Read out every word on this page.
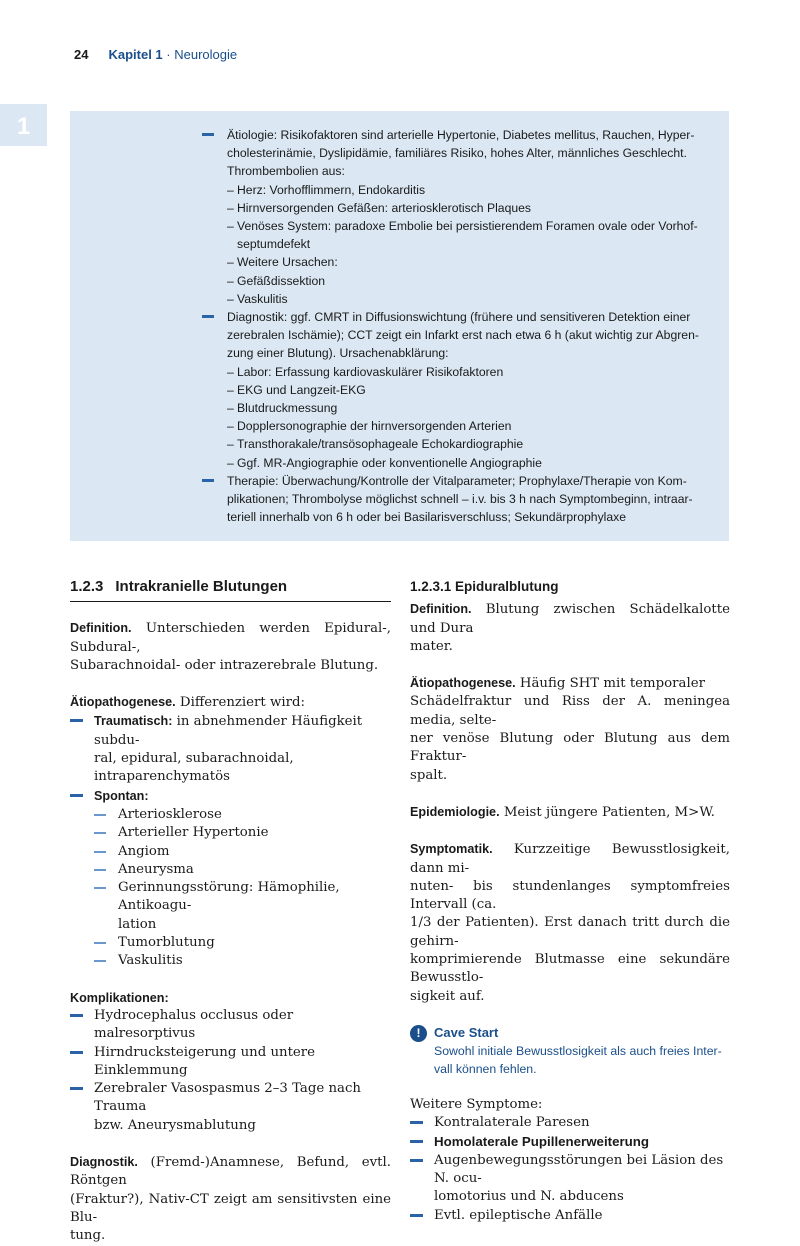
24 Kapitel 1 · Neurologie
1	Ätiologie: Risikofaktoren sind arterielle Hypertonie, Diabetes mellitus, Rauchen, Hyper-
cholesterinämie, Dyslipidämie, familiäres Risiko, hohes Alter, männliches Geschlecht.
Thrombembolien aus:
– Herz: Vorhofflimmern, Endokarditis
– Hirnversorgenden Gefäßen: arteriosklerotisch Plaques
– Venöses System: paradoxe Embolie bei persistierendem Foramen ovale oder Vorhof-
septumdefekt
– Weitere Ursachen:
– Gefäßdissektion
– Vaskulitis
Diagnostik: ggf. CMRT in Diffusionswichtung (frühere und sensitiveren Detektion einer
zerebralen Ischämie); CCT zeigt ein Infarkt erst nach etwa 6 h (akut wichtig zur Abgren-
zung einer Blutung). Ursachenabklärung:
– Labor: Erfassung kardiovaskulärer Risikofaktoren
– EKG und Langzeit-EKG
– Blutdruckmessung
– Dopplersonographie der hirnversorgenden Arterien
– Transthorakale/transösophageale Echokardiographie
– Ggf. MR-Angiographie oder konventionelle Angiographie
Therapie: Überwachung/Kontrolle der Vitalparameter; Prophylaxe/Therapie von Kom-
plikationen; Thrombolyse möglichst schnell – i.v. bis 3 h nach Symptombeginn, intraar-
teriell innerhalb von 6 h oder bei Basilarisverschluss; Sekundärprophylaxe
1.2.3 Intrakranielle Blutungen

Definition. Unterschieden werden Epidural-, Subdural-,
Subarachnoidal- oder intrazerebrale Blutung.

Ätiopathogenese. Differenziert wird:

Traumatisch: in abnehmender Häufigkeit subdu-
ral, epidural, subarachnoidal, intraparenchymatös
Spontan:
Arteriosklerose
Arterieller Hypertonie
Angiom
Aneurysma
Gerinnungsstörung: Hämophilie, Antikoagu-
lation
Tumorblutung
Vaskulitis
Komplikationen:
Hydrocephalus occlusus oder malresorptivus
Hirndrucksteigerung und untere Einklemmung
Zerebraler Vasospasmus 2–3 Tage nach Trauma
bzw. Aneurysmablutung

Diagnostik. (Fremd-)Anamnese, Befund, evtl. Röntgen
(Fraktur?), Nativ-CT zeigt am sensitivsten eine Blu-
tung.

1.2.3.1 Epiduralblutung

Definition. Blutung zwischen Schädelkalotte und Dura
mater.

Ätiopathogenese. Häufig SHT mit temporaler
Schädelfraktur und Riss der A. meningea media, selte-
ner venöse Blutung oder Blutung aus dem Fraktur-
spalt.

Epidemiologie. Meist jüngere Patienten, M>W.

Symptomatik. Kurzzeitige Bewusstlosigkeit, dann mi-
nuten- bis stundenlanges symptomfreies Intervall (ca.
1/3 der Patienten). Erst danach tritt durch die gehirn-
komprimierende Blutmasse eine sekundäre Bewusstlo-
sigkeit auf.

!	Cave Start
Sowohl initiale Bewusstlosigkeit als auch freies Inter-
vall können fehlen.
Weitere Symptome:
Kontralaterale Paresen
Homolaterale Pupillenerweiterung
Augenbewegungsstörungen bei Läsion des N. ocu-
lomotorius und N. abducens
Evtl. epileptische Anfälle
